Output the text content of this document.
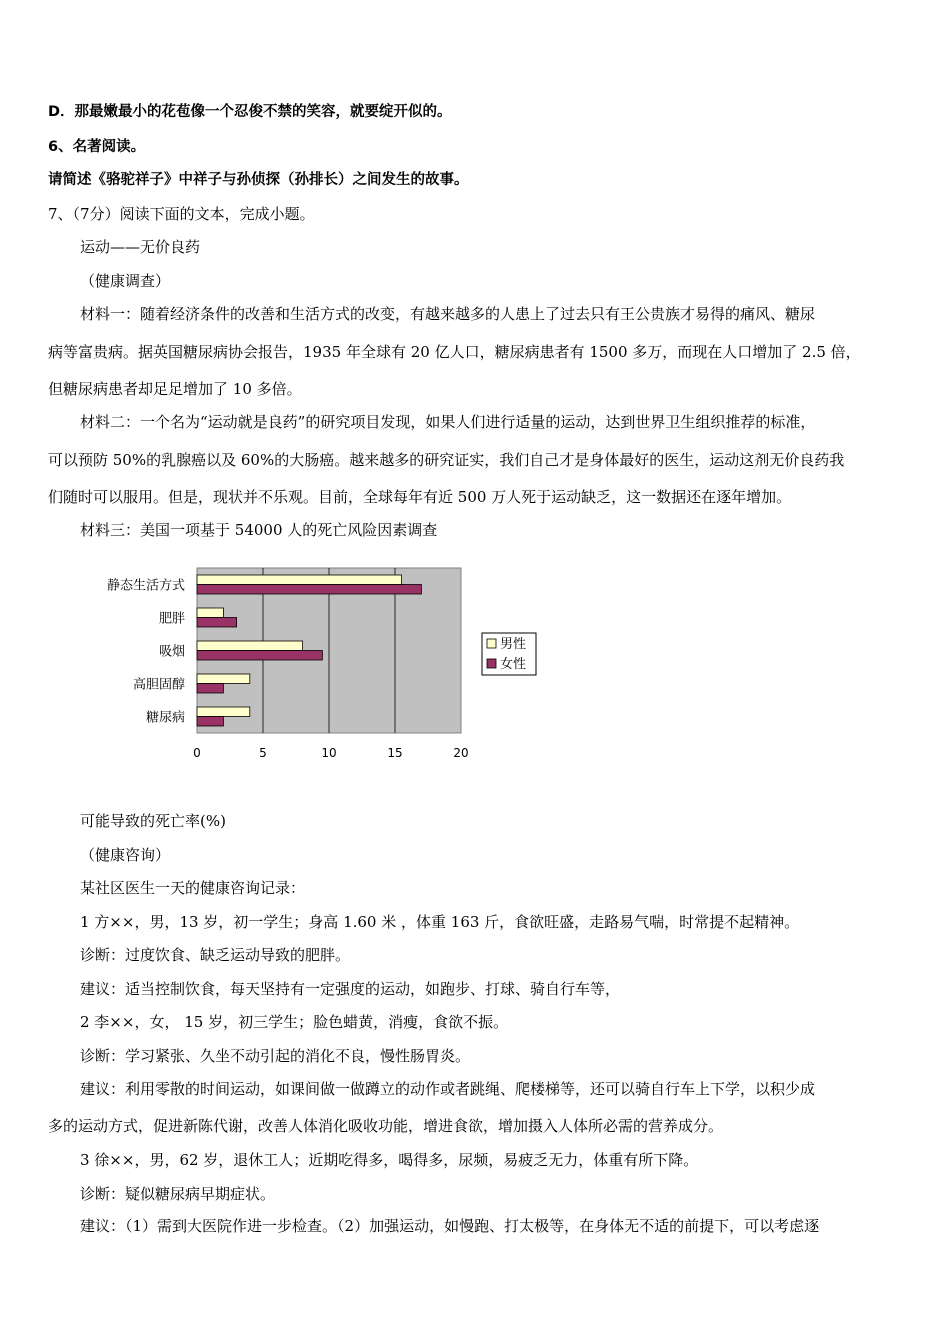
D．那最嫩最小的花苞像一个忍俊不禁的笑容，就要绽开似的。
6、名著阅读。
请简述《骆驼祥子》中祥子与孙侦探（孙排长）之间发生的故事。
7、（7分）阅读下面的文本，完成小题。
运动——无价良药
（健康调查）
材料一：随着经济条件的改善和生活方式的改变，有越来越多的人患上了过去只有王公贵族才易得的痛风、糖尿
病等富贵病。据英国糖尿病协会报告，1935 年全球有 20 亿人口，糖尿病患者有 1500 多万，而现在人口增加了 2.5 倍，
但糖尿病患者却足足增加了 10 多倍。
材料二：一个名为“运动就是良药”的研究项目发现，如果人们进行适量的运动，达到世界卫生组织推荐的标准，
可以预防 50%的乳腺癌以及 60%的大肠癌。越来越多的研究证实，我们自己才是身体最好的医生，运动这剂无价良药我
们随时可以服用。但是，现状并不乐观。目前，全球每年有近 500 万人死于运动缺乏，这一数据还在逐年增加。
材料三：美国一项基于 54000 人的死亡风险因素调查
静态生活方式
肥胖
吸烟
高胆固醇
糖尿病
0	5	10	15	20
男性
女性
可能导致的死亡率(%)
（健康咨询）
某社区医生一天的健康咨询记录：
1 方××，男，13 岁，初一学生；身高 1.60 米 ，体重 163 斤，食欲旺盛，走路易气喘，时常提不起精神。
诊断：过度饮食、缺乏运动导致的肥胖。
建议：适当控制饮食，每天坚持有一定强度的运动，如跑步、打球、骑自行车等，
2 李××，女， 15 岁，初三学生；脸色蜡黄，消瘦，食欲不振。
诊断：学习紧张、久坐不动引起的消化不良，慢性肠胃炎。
建议：利用零散的时间运动，如课间做一做蹲立的动作或者跳绳、爬楼梯等，还可以骑自行车上下学，以积少成
多的运动方式，促进新陈代谢，改善人体消化吸收功能，增进食欲，增加摄入人体所必需的营养成分。
3 徐××，男，62 岁，退休工人；近期吃得多，喝得多，尿频，易疲乏无力，体重有所下降。
诊断：疑似糖尿病早期症状。
建议：（1）需到大医院作进一步检查。（2）加强运动，如慢跑、打太极等，在身体无不适的前提下，可以考虑逐
